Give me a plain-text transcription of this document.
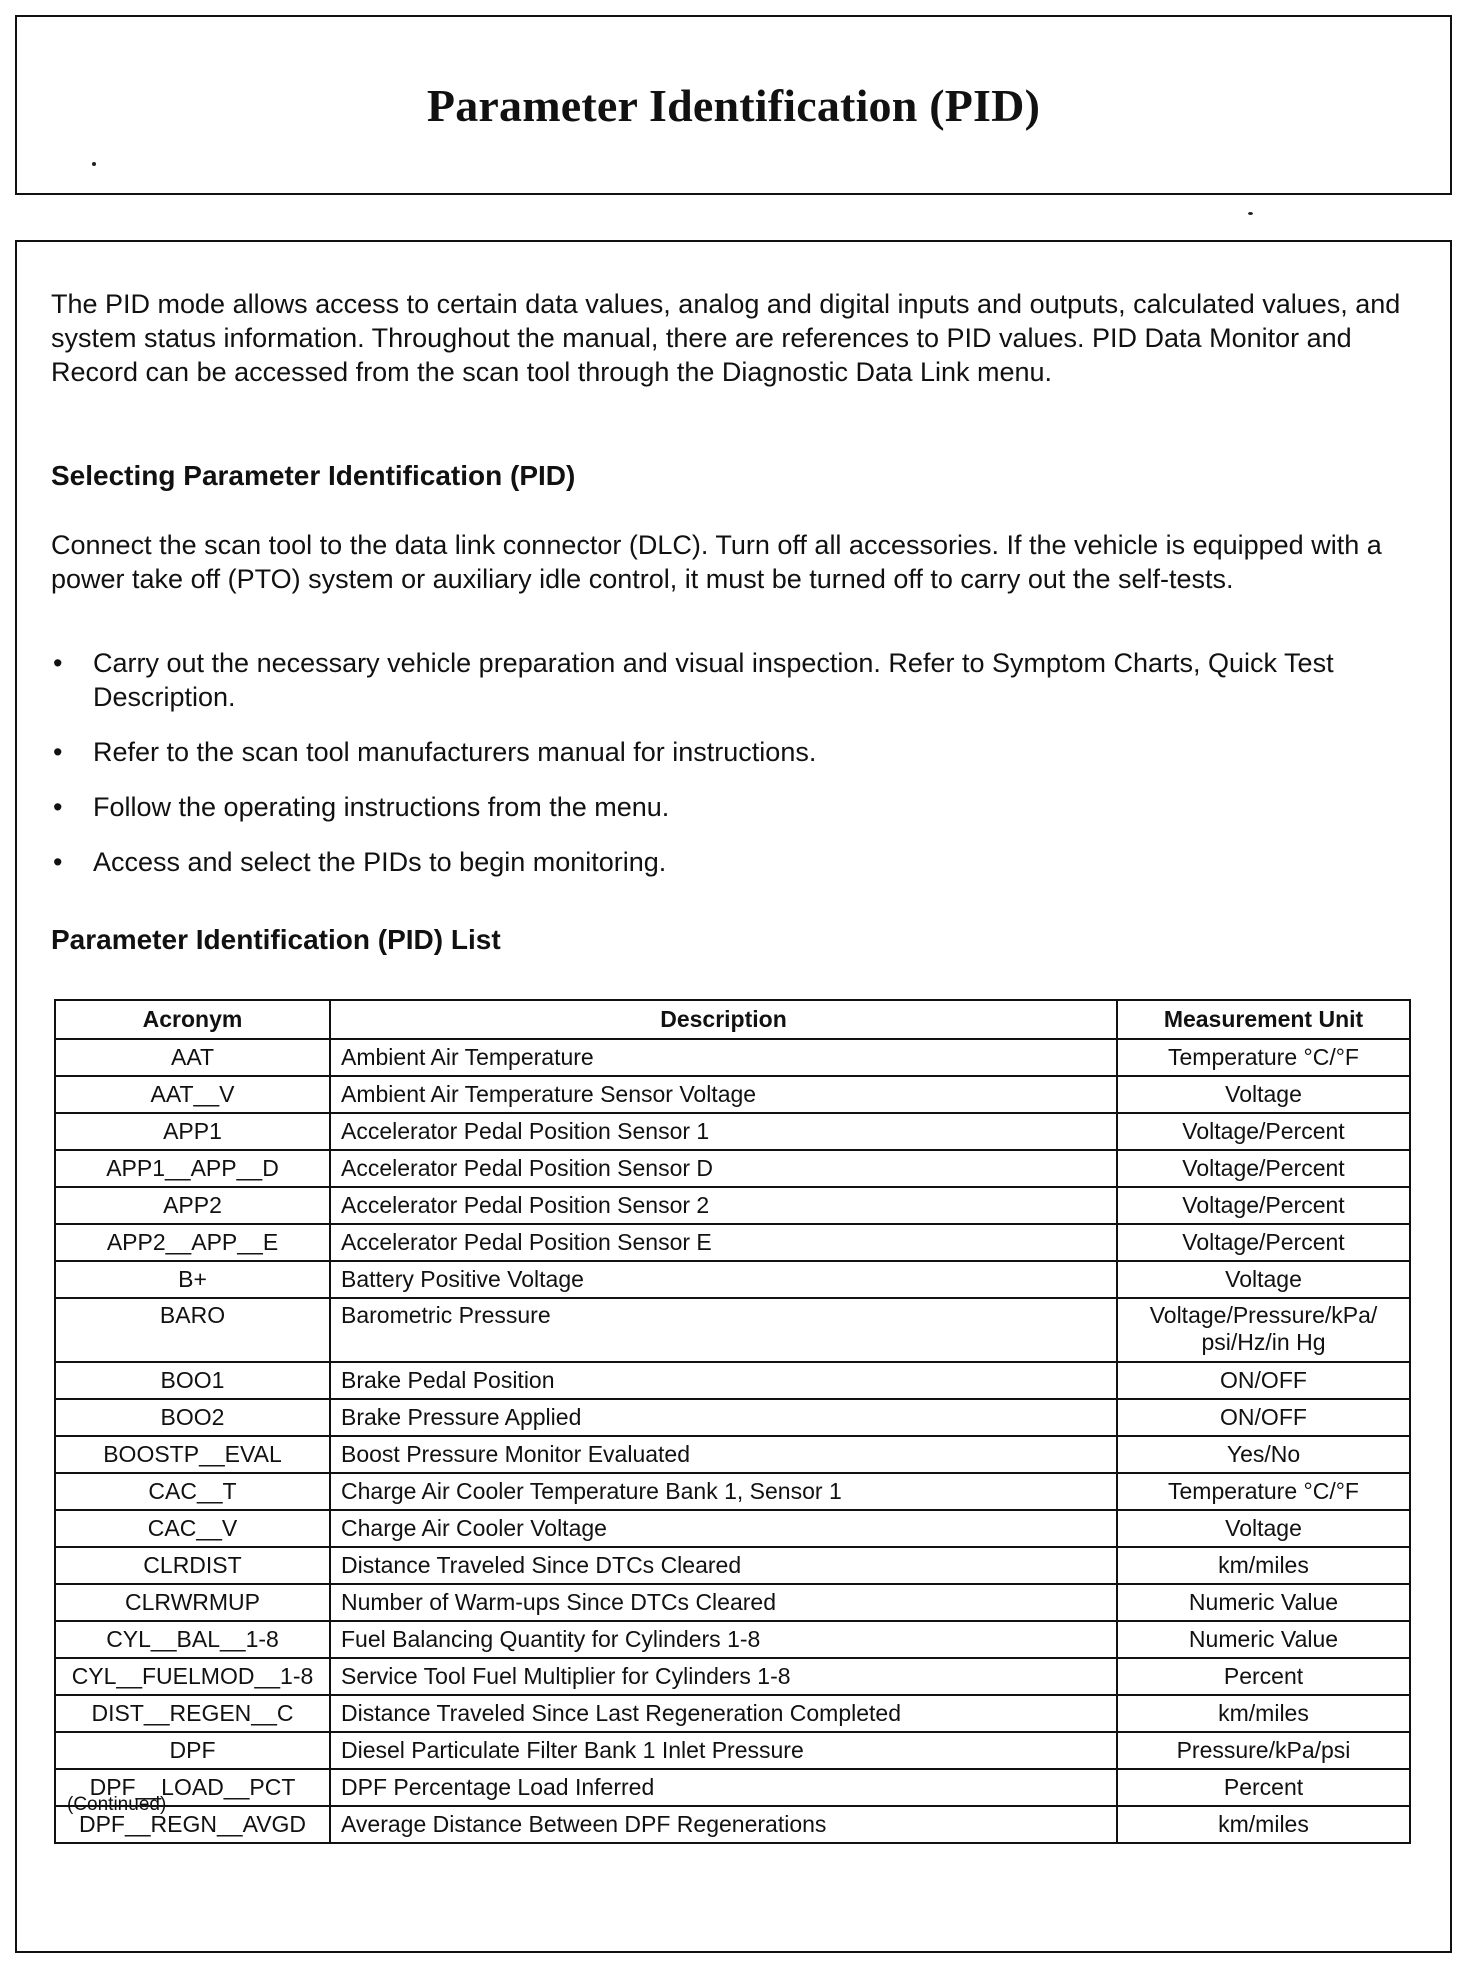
Parameter Identification (PID)

The PID mode allows access to certain data values, analog and digital inputs and outputs, calculated values, and system status information. Throughout the manual, there are references to PID values. PID Data Monitor and Record can be accessed from the scan tool through the Diagnostic Data Link menu.

Selecting Parameter Identification (PID)

Connect the scan tool to the data link connector (DLC). Turn off all accessories. If the vehicle is equipped with a power take off (PTO) system or auxiliary idle control, it must be turned off to carry out the self-tests.

• Carry out the necessary vehicle preparation and visual inspection. Refer to Symptom Charts, Quick Test Description.
• Refer to the scan tool manufacturers manual for instructions.
• Follow the operating instructions from the menu.
• Access and select the PIDs to begin monitoring.
Parameter Identification (PID) List
Acronym	Description	Measurement Unit
AAT	Ambient Air Temperature	Temperature °C/°F
AAT__V	Ambient Air Temperature Sensor Voltage	Voltage
APP1	Accelerator Pedal Position Sensor 1	Voltage/Percent
APP1__APP__D	Accelerator Pedal Position Sensor D	Voltage/Percent
APP2	Accelerator Pedal Position Sensor 2	Voltage/Percent
APP2__APP__E	Accelerator Pedal Position Sensor E	Voltage/Percent
B+	Battery Positive Voltage	Voltage
BARO	Barometric Pressure	Voltage/Pressure/kPa/ psi/Hz/in Hg
BOO1	Brake Pedal Position	ON/OFF
BOO2	Brake Pressure Applied	ON/OFF
BOOSTP__EVAL	Boost Pressure Monitor Evaluated	Yes/No
CAC__T	Charge Air Cooler Temperature Bank 1, Sensor 1	Temperature °C/°F
CAC__V	Charge Air Cooler Voltage	Voltage
CLRDIST	Distance Traveled Since DTCs Cleared	km/miles
CLRWRMUP	Number of Warm-ups Since DTCs Cleared	Numeric Value
CYL__BAL__1-8	Fuel Balancing Quantity for Cylinders 1-8	Numeric Value
CYL__FUELMOD__1-8	Service Tool Fuel Multiplier for Cylinders 1-8	Percent
DIST__REGEN__C	Distance Traveled Since Last Regeneration Completed	km/miles
DPF	Diesel Particulate Filter Bank 1 Inlet Pressure	Pressure/kPa/psi
DPF__LOAD__PCT	DPF Percentage Load Inferred	Percent
DPF__REGN__AVGD	Average Distance Between DPF Regenerations	km/miles

(Continued)
